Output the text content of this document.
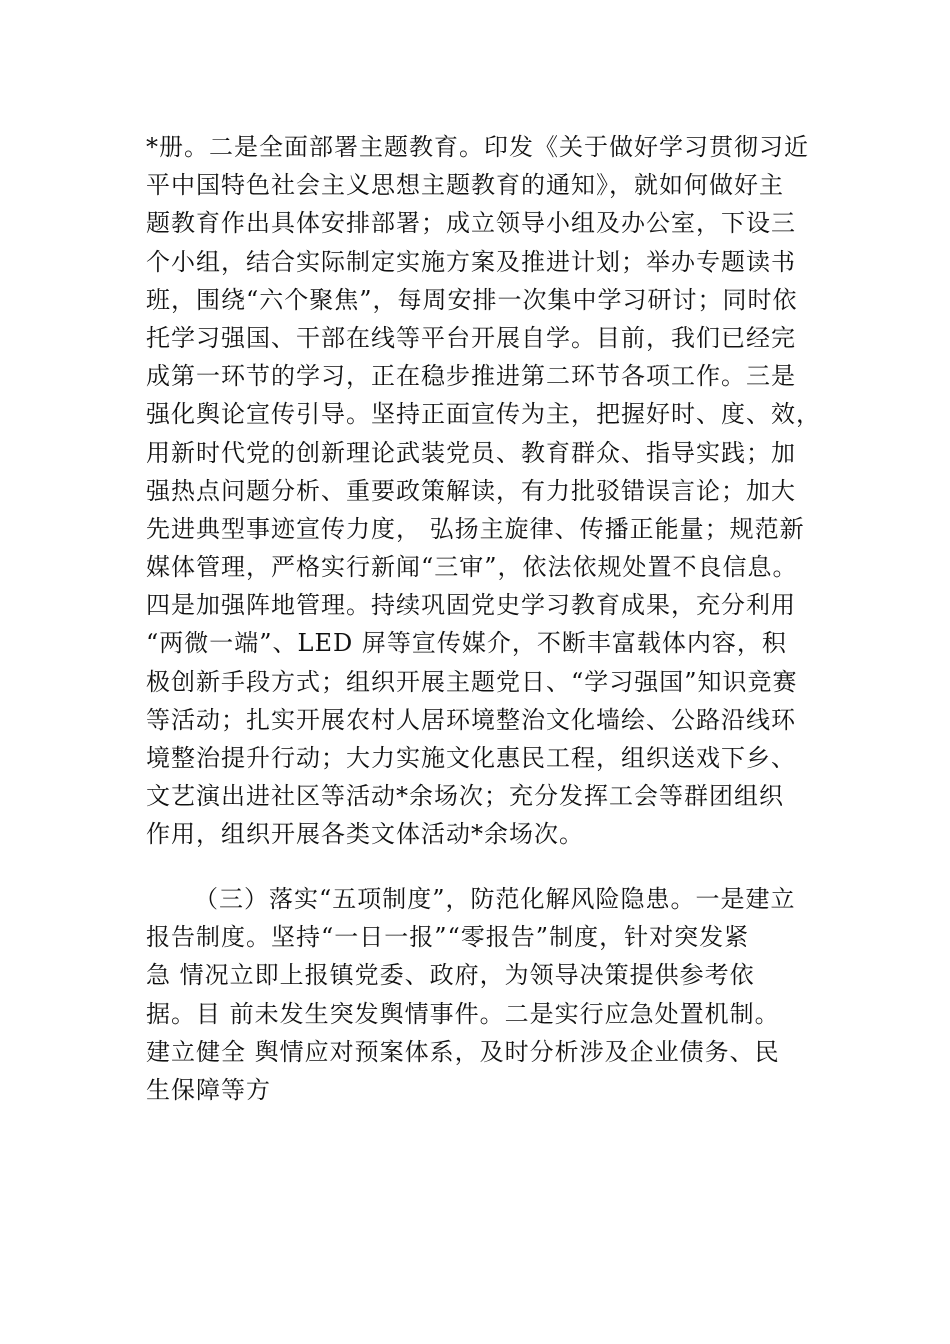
*册。二是全面部署主题教育。印发《关于做好学习贯彻习近
平中国特色社会主义思想主题教育的通知》，就如何做好主
题教育作出具体安排部署；成立领导小组及办公室，下设三
个小组，结合实际制定实施方案及推进计划；举办专题读书
班，围绕“六个聚焦”，每周安排一次集中学习研讨；同时依
托学习强国、干部在线等平台开展自学。目前，我们已经完
成第一环节的学习，正在稳步推进第二环节各项工作。三是
强化舆论宣传引导。坚持正面宣传为主，把握好时、度、效，
用新时代党的创新理论武装党员、教育群众、指导实践；加
强热点问题分析、重要政策解读，有力批驳错误言论；加大
先进典型事迹宣传力度， 弘扬主旋律、传播正能量；规范新
媒体管理，严格实行新闻“三审”，依法依规处置不良信息。
四是加强阵地管理。持续巩固党史学习教育成果，充分利用
“两微一端”、LED 屏等宣传媒介，不断丰富载体内容，积
极创新手段方式；组织开展主题党日、“学习强国”知识竞赛
等活动；扎实开展农村人居环境整治文化墙绘、公路沿线环
境整治提升行动；大力实施文化惠民工程，组织送戏下乡、
文艺演出进社区等活动*余场次；充分发挥工会等群团组织
作用，组织开展各类文体活动*余场次。
（三）落实“五项制度”，防范化解风险隐患。一是建立
报告制度。坚持“一日一报”“零报告”制度，针对突发紧
急 情况立即上报镇党委、政府，为领导决策提供参考依
据。目 前未发生突发舆情事件。二是实行应急处置机制。
建立健全 舆情应对预案体系，及时分析涉及企业债务、民
生保障等方
